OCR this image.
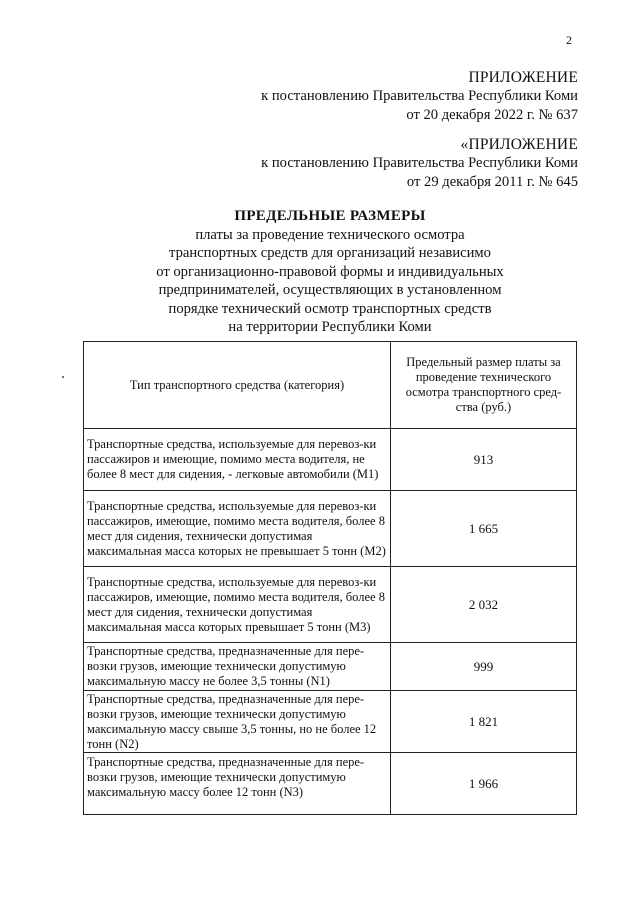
2
ПРИЛОЖЕНИЕ
к постановлению Правительства Республики Коми
от 20 декабря 2022 г. № 637
«ПРИЛОЖЕНИЕ
к постановлению Правительства Республики Коми
от 29 декабря 2011 г. № 645
ПРЕДЕЛЬНЫЕ РАЗМЕРЫ
платы за проведение технического осмотра
транспортных средств для организаций независимо
от организационно-правовой формы и индивидуальных
предпринимателей, осуществляющих в установленном
порядке технический осмотр транспортных средств
на территории Республики Коми
Тип транспортного средства (категория)	Предельный размер платы за проведение технического осмотра транспортного сред-ства (руб.)
Транспортные средства, используемые для перевоз-ки пассажиров и имеющие, помимо места водителя, не более 8 мест для сидения, - легковые автомобили (M1)	913
Транспортные средства, используемые для перевоз-ки пассажиров, имеющие, помимо места водителя, более 8 мест для сидения, технически допустимая максимальная масса которых не превышает 5 тонн (M2)	1 665
Транспортные средства, используемые для перевоз-ки пассажиров, имеющие, помимо места водителя, более 8 мест для сидения, технически допустимая максимальная масса которых превышает 5 тонн (M3)	2 032
Транспортные средства, предназначенные для пере-возки грузов, имеющие технически допустимую максимальную массу не более 3,5 тонны (N1)	999
Транспортные средства, предназначенные для пере-возки грузов, имеющие технически допустимую максимальную массу свыше 3,5 тонны, но не более 12 тонн (N2)	1 821
Транспортные средства, предназначенные для пере-возки грузов, имеющие технически допустимую максимальную массу более 12 тонн (N3)	1 966
